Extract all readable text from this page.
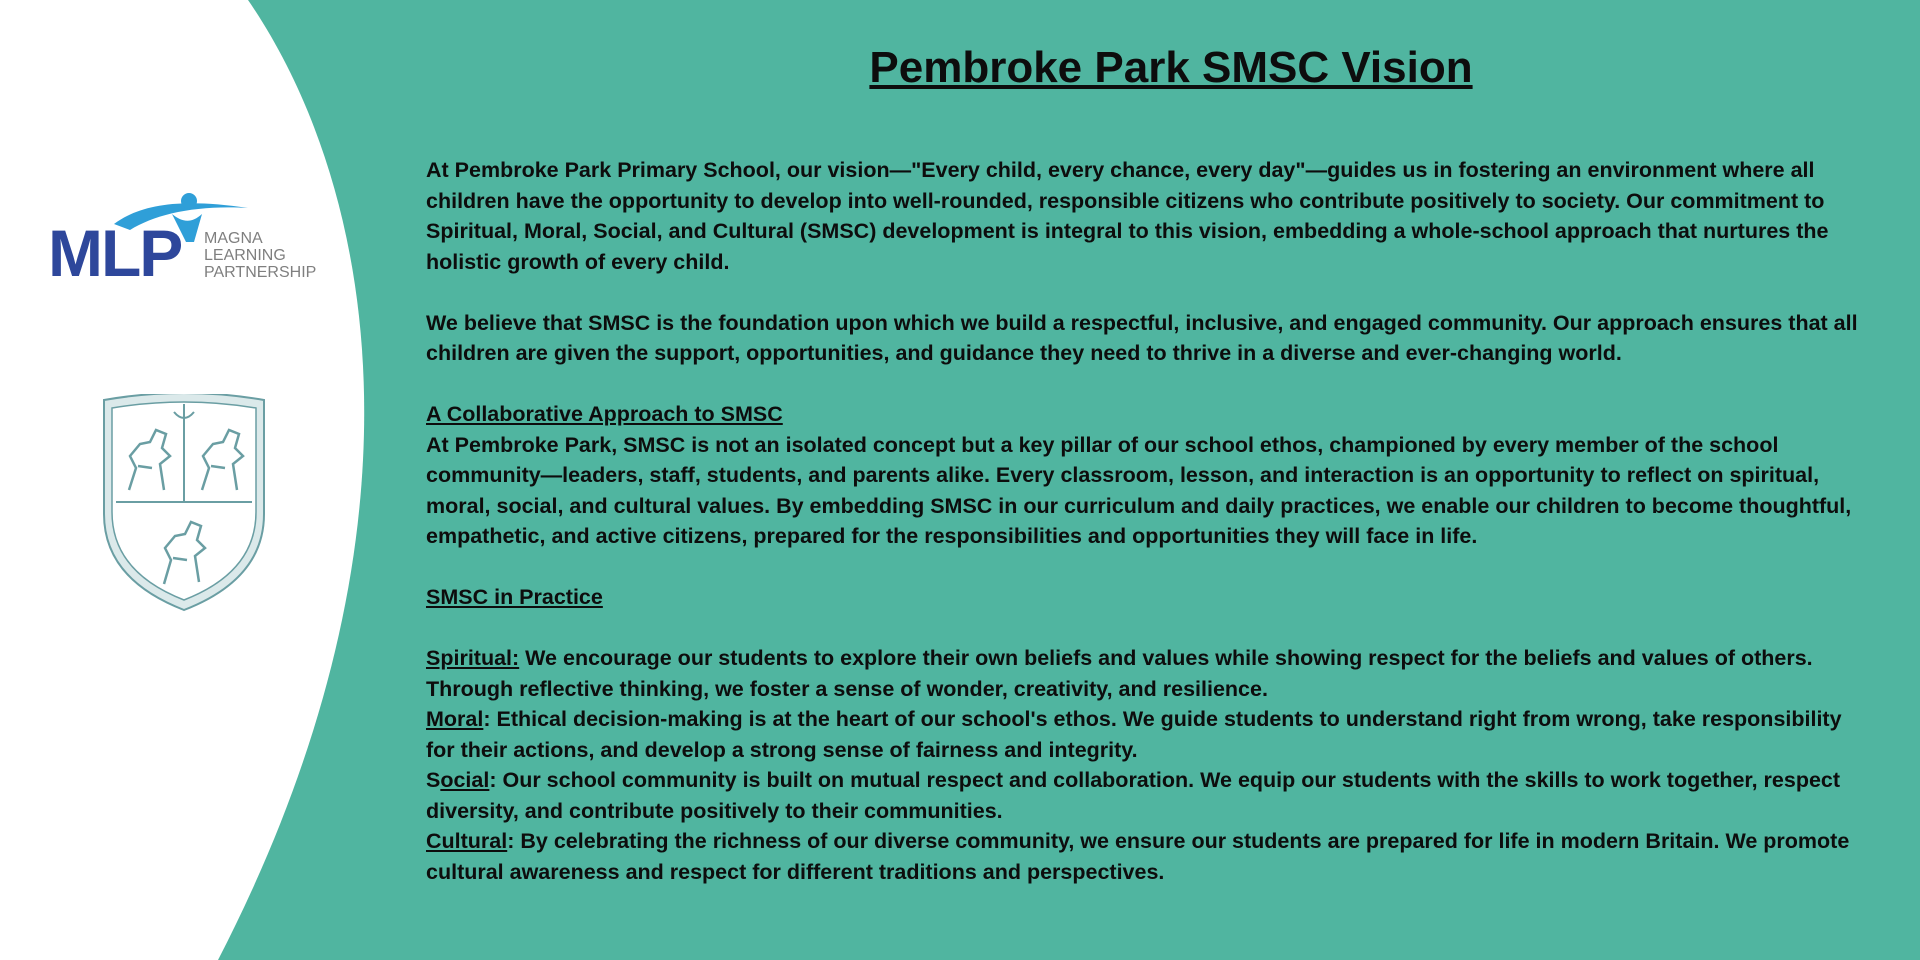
MLP MAGNA
LEARNING
PARTNERSHIP
Pembroke Park SMSC Vision

At Pembroke Park Primary School, our vision—"Every child, every chance, every day"—guides us in fostering an environment where all children have the opportunity to develop into well-rounded, responsible citizens who contribute positively to society. Our commitment to Spiritual, Moral, Social, and Cultural (SMSC) development is integral to this vision, embedding a whole-school approach that nurtures the holistic growth of every child.

We believe that SMSC is the foundation upon which we build a respectful, inclusive, and engaged community. Our approach ensures that all children are given the support, opportunities, and guidance they need to thrive in a diverse and ever-changing world.

A Collaborative Approach to SMSC

At Pembroke Park, SMSC is not an isolated concept but a key pillar of our school ethos, championed by every member of the school community—leaders, staff, students, and parents alike. Every classroom, lesson, and interaction is an opportunity to reflect on spiritual, moral, social, and cultural values. By embedding SMSC in our curriculum and daily practices, we enable our children to become thoughtful, empathetic, and active citizens, prepared for the responsibilities and opportunities they will face in life.

SMSC in Practice

Spiritual: We encourage our students to explore their own beliefs and values while showing respect for the beliefs and values of others. Through reflective thinking, we foster a sense of wonder, creativity, and resilience.

Moral: Ethical decision-making is at the heart of our school's ethos. We guide students to understand right from wrong, take responsibility for their actions, and develop a strong sense of fairness and integrity.

Social: Our school community is built on mutual respect and collaboration. We equip our students with the skills to work together, respect diversity, and contribute positively to their communities.

Cultural: By celebrating the richness of our diverse community, we ensure our students are prepared for life in modern Britain. We promote cultural awareness and respect for different traditions and perspectives.
